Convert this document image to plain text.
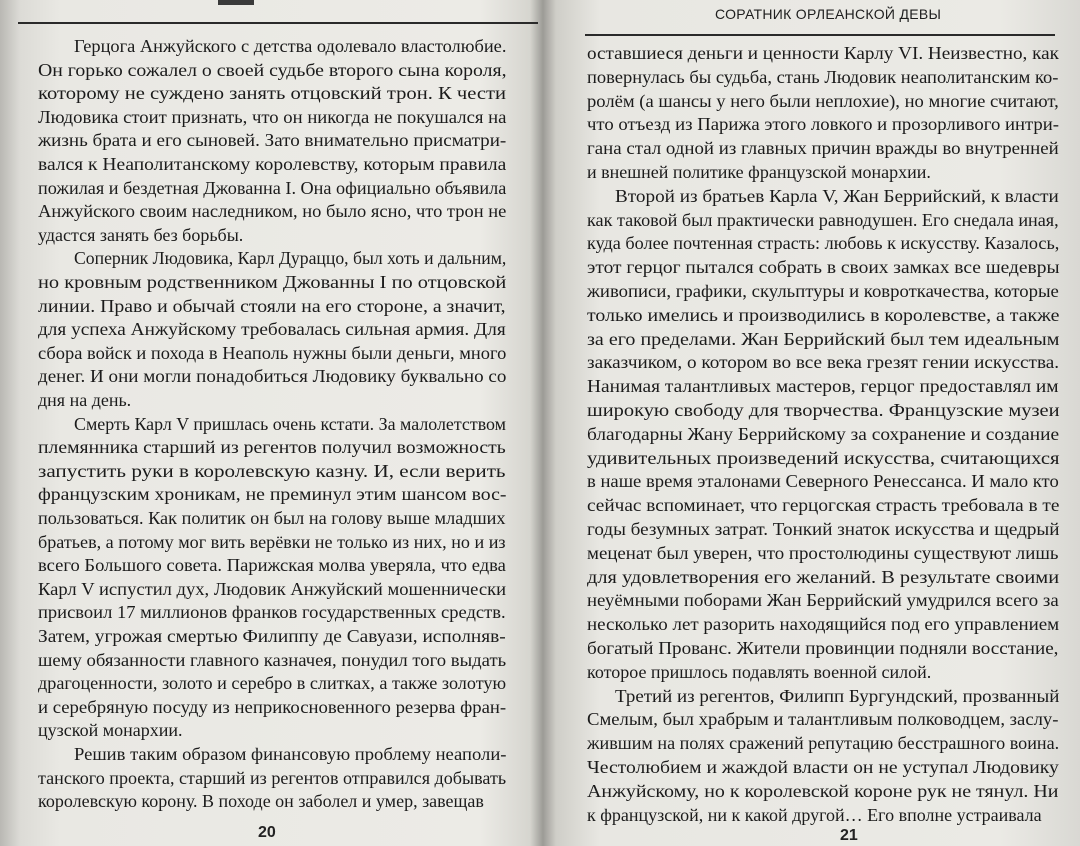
Герцога Анжуйского с детства одолевало властолюбие.
Он горько сожалел о своей судьбе второго сына короля,
которому не суждено занять отцовский трон. К чести
Людовика стоит признать, что он никогда не покушался на
жизнь брата и его сыновей. Зато внимательно присматри-
вался к Неаполитанскому королевству, которым правила
пожилая и бездетная Джованна I. Она официально объявила
Анжуйского своим наследником, но было ясно, что трон не
удастся занять без борьбы.
Соперник Людовика, Карл Дураццо, был хоть и дальним,
но кровным родственником Джованны I по отцовской
линии. Право и обычай стояли на его стороне, а значит,
для успеха Анжуйскому требовалась сильная армия. Для
сбора войск и похода в Неаполь нужны были деньги, много
денег. И они могли понадобиться Людовику буквально со
дня на день.
Смерть Карл V пришлась очень кстати. За малолетством
племянника старший из регентов получил возможность
запустить руки в королевскую казну. И, если верить
французским хроникам, не преминул этим шансом вос-
пользоваться. Как политик он был на голову выше младших
братьев, а потому мог вить верёвки не только из них, но и из
всего Большого совета. Парижская молва уверяла, что едва
Карл V испустил дух, Людовик Анжуйский мошеннически
присвоил 17 миллионов франков государственных средств.
Затем, угрожая смертью Филиппу де Савуази, исполняв-
шему обязанности главного казначея, понудил того выдать
драгоценности, золото и серебро в слитках, а также золотую
и серебряную посуду из неприкосновенного резерва фран-
цузской монархии.
Решив таким образом финансовую проблему неаполи-
танского проекта, старший из регентов отправился добывать
королевскую корону. В походе он заболел и умер, завещав
20
СОРАТНИК ОРЛЕАНСКОЙ ДЕВЫ
оставшиеся деньги и ценности Карлу VI. Неизвестно, как
повернулась бы судьба, стань Людовик неаполитанским ко-
ролём (а шансы у него были неплохие), но многие считают,
что отъезд из Парижа этого ловкого и прозорливого интри-
гана стал одной из главных причин вражды во внутренней
и внешней политике французской монархии.
Второй из братьев Карла V, Жан Беррийский, к власти
как таковой был практически равнодушен. Его снедала иная,
куда более почтенная страсть: любовь к искусству. Казалось,
этот герцог пытался собрать в своих замках все шедевры
живописи, графики, скульптуры и ковроткачества, которые
только имелись и производились в королевстве, а также
за его пределами. Жан Беррийский был тем идеальным
заказчиком, о котором во все века грезят гении искусства.
Нанимая талантливых мастеров, герцог предоставлял им
широкую свободу для творчества. Французские музеи
благодарны Жану Беррийскому за сохранение и создание
удивительных произведений искусства, считающихся
в наше время эталонами Северного Ренессанса. И мало кто
сейчас вспоминает, что герцогская страсть требовала в те
годы безумных затрат. Тонкий знаток искусства и щедрый
меценат был уверен, что простолюдины существуют лишь
для удовлетворения его желаний. В результате своими
неуёмными поборами Жан Беррийский умудрился всего за
несколько лет разорить находящийся под его управлением
богатый Прованс. Жители провинции подняли восстание,
которое пришлось подавлять военной силой.
Третий из регентов, Филипп Бургундский, прозванный
Смелым, был храбрым и талантливым полководцем, заслу-
жившим на полях сражений репутацию бесстрашного воина.
Честолюбием и жаждой власти он не уступал Людовику
Анжуйскому, но к королевской короне рук не тянул. Ни
к французской, ни к какой другой… Его вполне устраивала
21
